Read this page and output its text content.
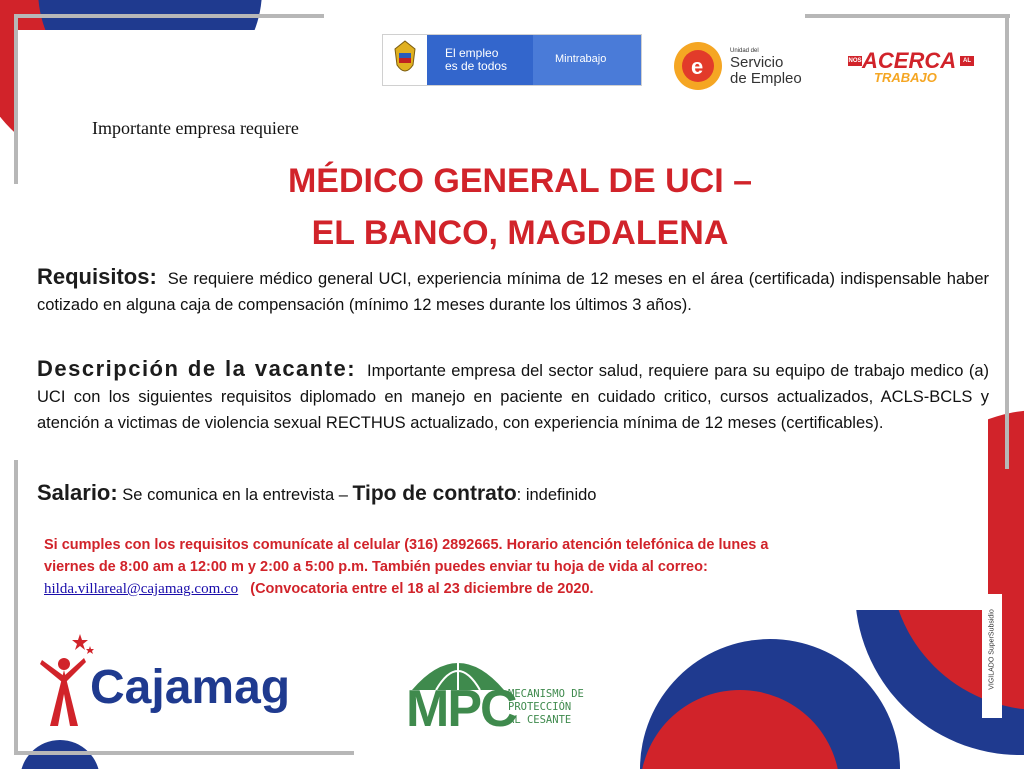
El empleo
es de todos	Mintrabajo	e
Unidad del
Servicio
de Empleo
NOS ACERCA	AL
TRABAJO
Importante empresa requiere
MÉDICO GENERAL DE UCI –
EL BANCO, MAGDALENA
Requisitos: Se requiere médico general UCI, experiencia mínima de 12 meses en el área (certificada) indispensable haber cotizado en alguna caja de compensación (mínimo 12 meses durante los últimos 3 años).
Descripción de la vacante: Importante empresa del sector salud, requiere para su equipo de trabajo medico (a) UCI con los siguientes requisitos diplomado en manejo en paciente en cuidado critico, cursos actualizados, ACLS-BCLS y atención a victimas de violencia sexual RECTHUS actualizado, con experiencia mínima de 12 meses (certificables).
Salario: Se comunica en la entrevista – Tipo de contrato: indefinido
Si cumples con los requisitos comunícate al celular (316) 2892665. Horario atención telefónica de lunes a
viernes de 8:00 am a 12:00 m y 2:00 a 5:00 p.m. También puedes enviar tu hoja de vida al correo:
hilda.villareal@cajamag.com.co (Convocatoria entre el 18 al 23 diciembre de 2020.
Cajamag MPC
MECANISMO DE
PROTECCIÓN
AL CESANTE
VIGILADO SuperSubsidio
